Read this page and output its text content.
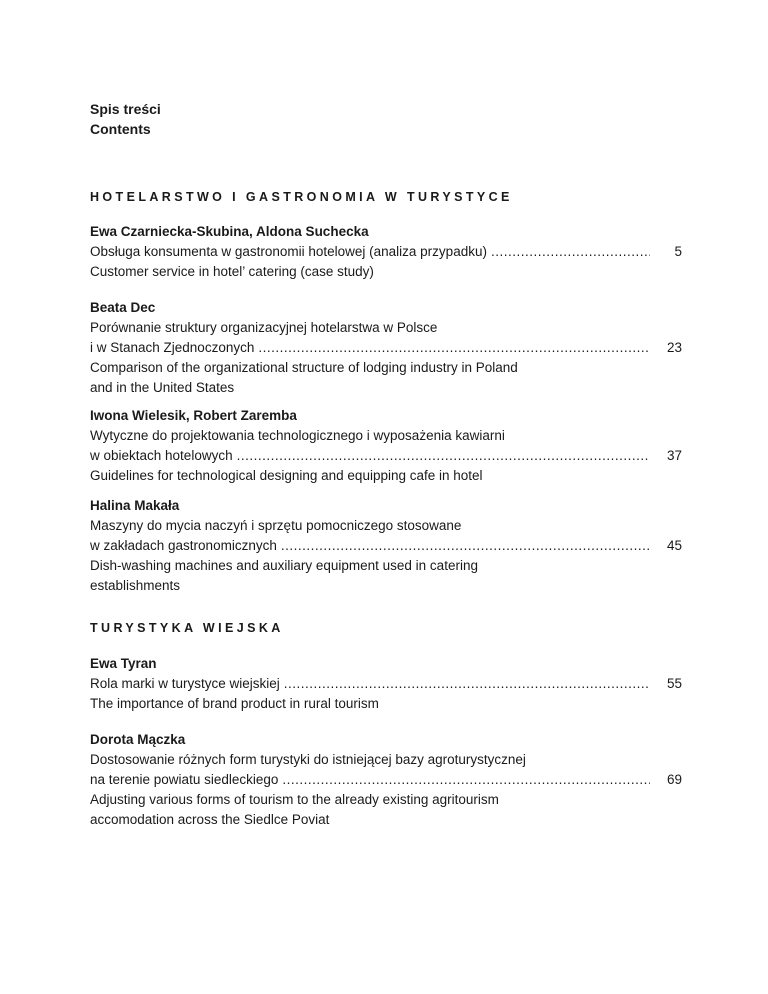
Spis treści
Contents
HOTELARSTWO I GASTRONOMIA W TURYSTYCE
Ewa Czarniecka-Skubina, Aldona Suchecka
Obsługa konsumenta w gastronomii hotelowej (analiza przypadku) .....	5
Customer service in hotel’ catering (case study)
Beata Dec
Porównanie struktury organizacyjnej hotelarstwa w Polsce
i w Stanach Zjednoczonych .....	23
Comparison of the organizational structure of lodging industry in Poland
and in the United States
Iwona Wielesik, Robert Zaremba
Wytyczne do projektowania technologicznego i wyposażenia kawiarni
w obiektach hotelowych .....	37
Guidelines for technological designing and equipping cafe in hotel
Halina Makała
Maszyny do mycia naczyń i sprzętu pomocniczego stosowane
w zakładach gastronomicznych .....	45
Dish-washing machines and auxiliary equipment used in catering
establishments
TURYSTYKA WIEJSKA
Ewa Tyran
Rola marki w turystyce wiejskiej .....	55
The importance of brand product in rural tourism
Dorota Mączka
Dostosowanie różnych form turystyki do istniejącej bazy agroturystycznej
na terenie powiatu siedleckiego .....	69
Adjusting various forms of tourism to the already existing agritourism
accomodation across the Siedlce Poviat
